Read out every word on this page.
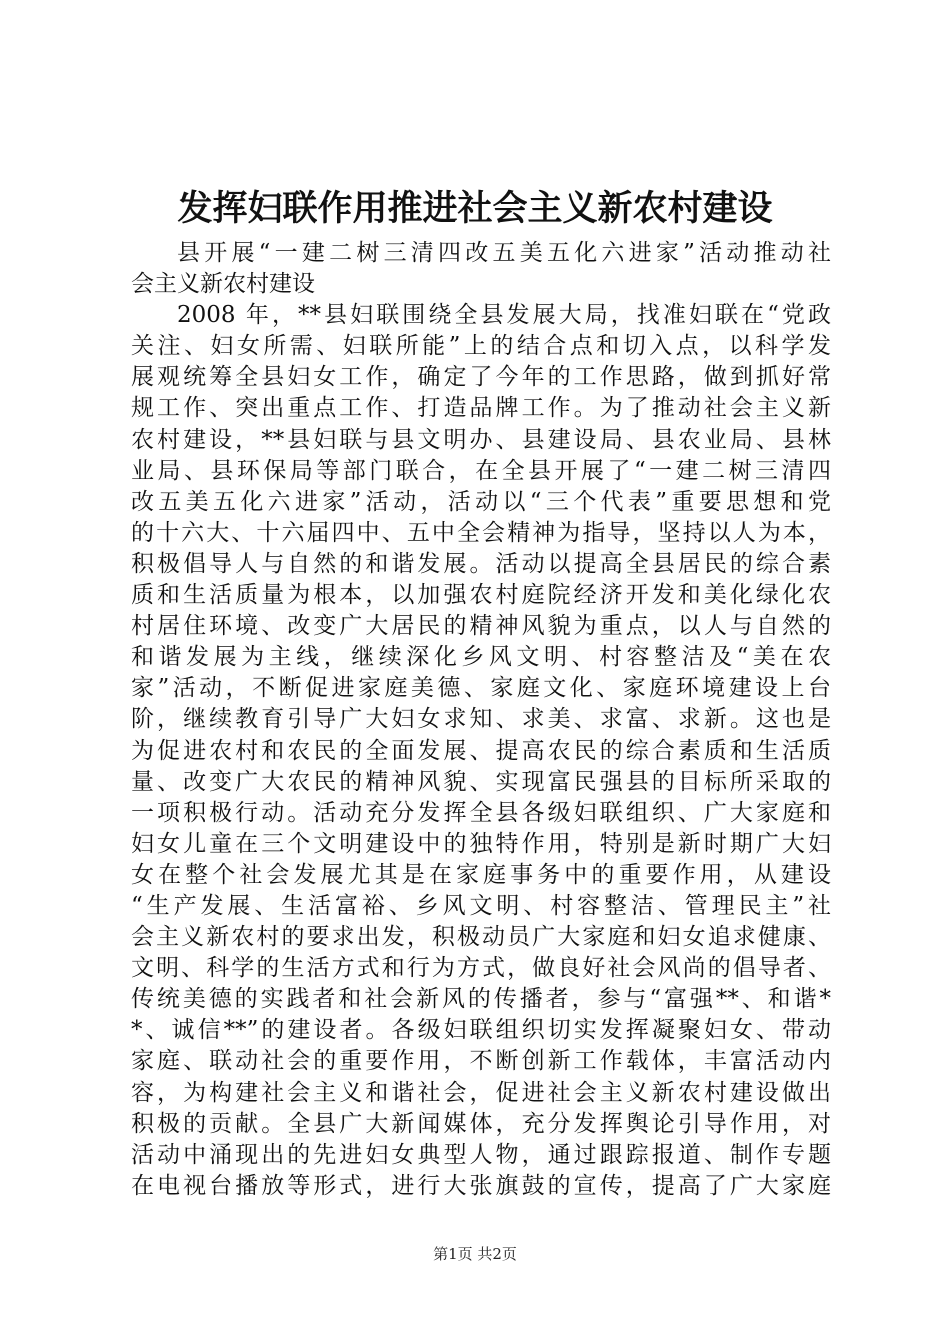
发挥妇联作用推进社会主义新农村建设
县开展“一建二树三清四改五美五化六进家”活动推动社
会主义新农村建设
2008 年，**县妇联围绕全县发展大局，找准妇联在“党政
关注、妇女所需、妇联所能”上的结合点和切入点，以科学发
展观统筹全县妇女工作，确定了今年的工作思路，做到抓好常
规工作、突出重点工作、打造品牌工作。为了推动社会主义新
农村建设，**县妇联与县文明办、县建设局、县农业局、县林
业局、县环保局等部门联合，在全县开展了“一建二树三清四
改五美五化六进家”活动，活动以“三个代表”重要思想和党
的十六大、十六届四中、五中全会精神为指导，坚持以人为本，
积极倡导人与自然的和谐发展。活动以提高全县居民的综合素
质和生活质量为根本，以加强农村庭院经济开发和美化绿化农
村居住环境、改变广大居民的精神风貌为重点，以人与自然的
和谐发展为主线，继续深化乡风文明、村容整洁及“美在农
家”活动，不断促进家庭美德、家庭文化、家庭环境建设上台
阶，继续教育引导广大妇女求知、求美、求富、求新。这也是
为促进农村和农民的全面发展、提高农民的综合素质和生活质
量、改变广大农民的精神风貌、实现富民强县的目标所采取的
一项积极行动。活动充分发挥全县各级妇联组织、广大家庭和
妇女儿童在三个文明建设中的独特作用，特别是新时期广大妇
女在整个社会发展尤其是在家庭事务中的重要作用，从建设
“生产发展、生活富裕、乡风文明、村容整洁、管理民主”社
会主义新农村的要求出发，积极动员广大家庭和妇女追求健康、
文明、科学的生活方式和行为方式，做良好社会风尚的倡导者、
传统美德的实践者和社会新风的传播者，参与“富强**、和谐*
*、诚信**”的建设者。各级妇联组织切实发挥凝聚妇女、带动
家庭、联动社会的重要作用，不断创新工作载体，丰富活动内
容，为构建社会主义和谐社会，促进社会主义新农村建设做出
积极的贡献。全县广大新闻媒体，充分发挥舆论引导作用，对
活动中涌现出的先进妇女典型人物，通过跟踪报道、制作专题
在电视台播放等形式，进行大张旗鼓的宣传，提高了广大家庭
第1页 共2页
